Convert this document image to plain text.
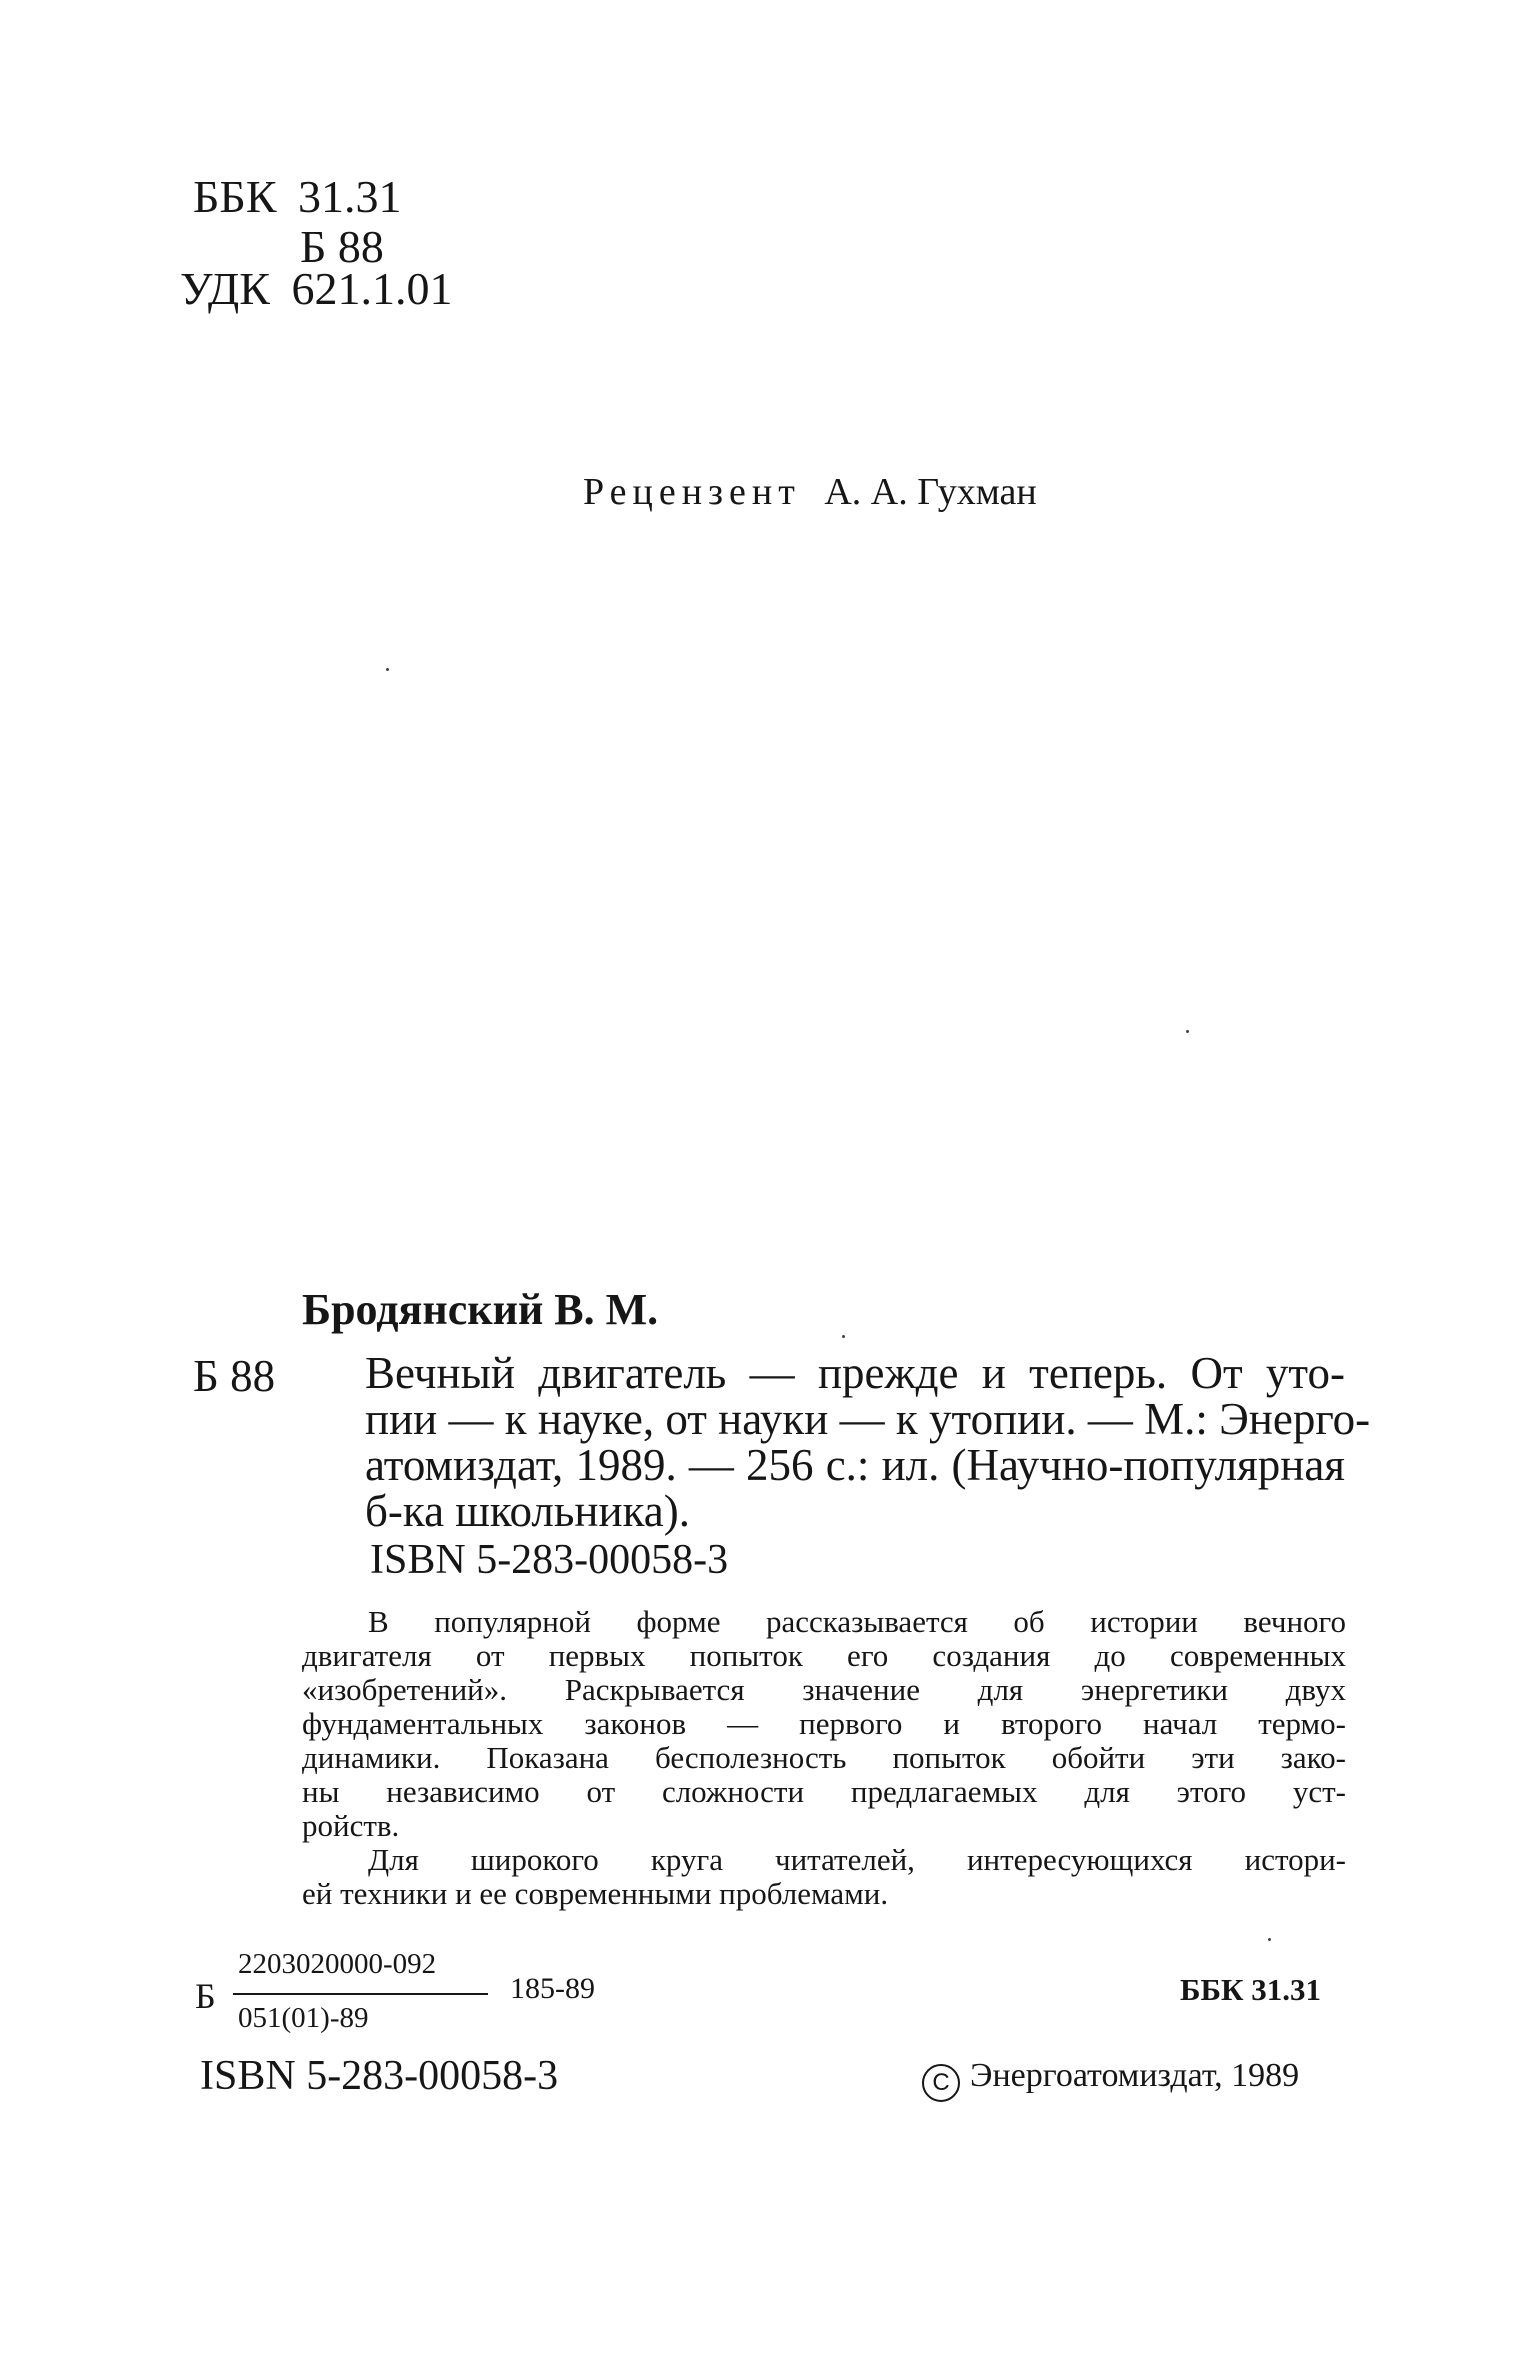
ББК 31.31
Б 88
УДК 621.1.01
Рецензент А. А. Гухман
Бродянский В. М.
Б 88 Вечный двигатель — прежде и теперь. От уто-
пии — к науке, от науки — к утопии. — М.: Энерго-
атомиздат, 1989. — 256 с.: ил. (Научно-популярная
б-ка школьника).
ISBN 5-283-00058-3
В популярной форме рассказывается об истории вечного
двигателя от первых попыток его создания до современных
«изобретений». Раскрывается значение для энергетики двух
фундаментальных законов — первого и второго начал термо-
динамики. Показана бесполезность попыток обойти эти зако-
ны независимо от сложности предлагаемых для этого уст-
ройств.
Для широкого круга читателей, интересующихся истори-
ей техники и ее современными проблемами.
Б
2203020000-092
051(01)-89
185-89	ББК 31.31
ISBN 5-283-00058-3	C Энергоатомиздат, 1989
